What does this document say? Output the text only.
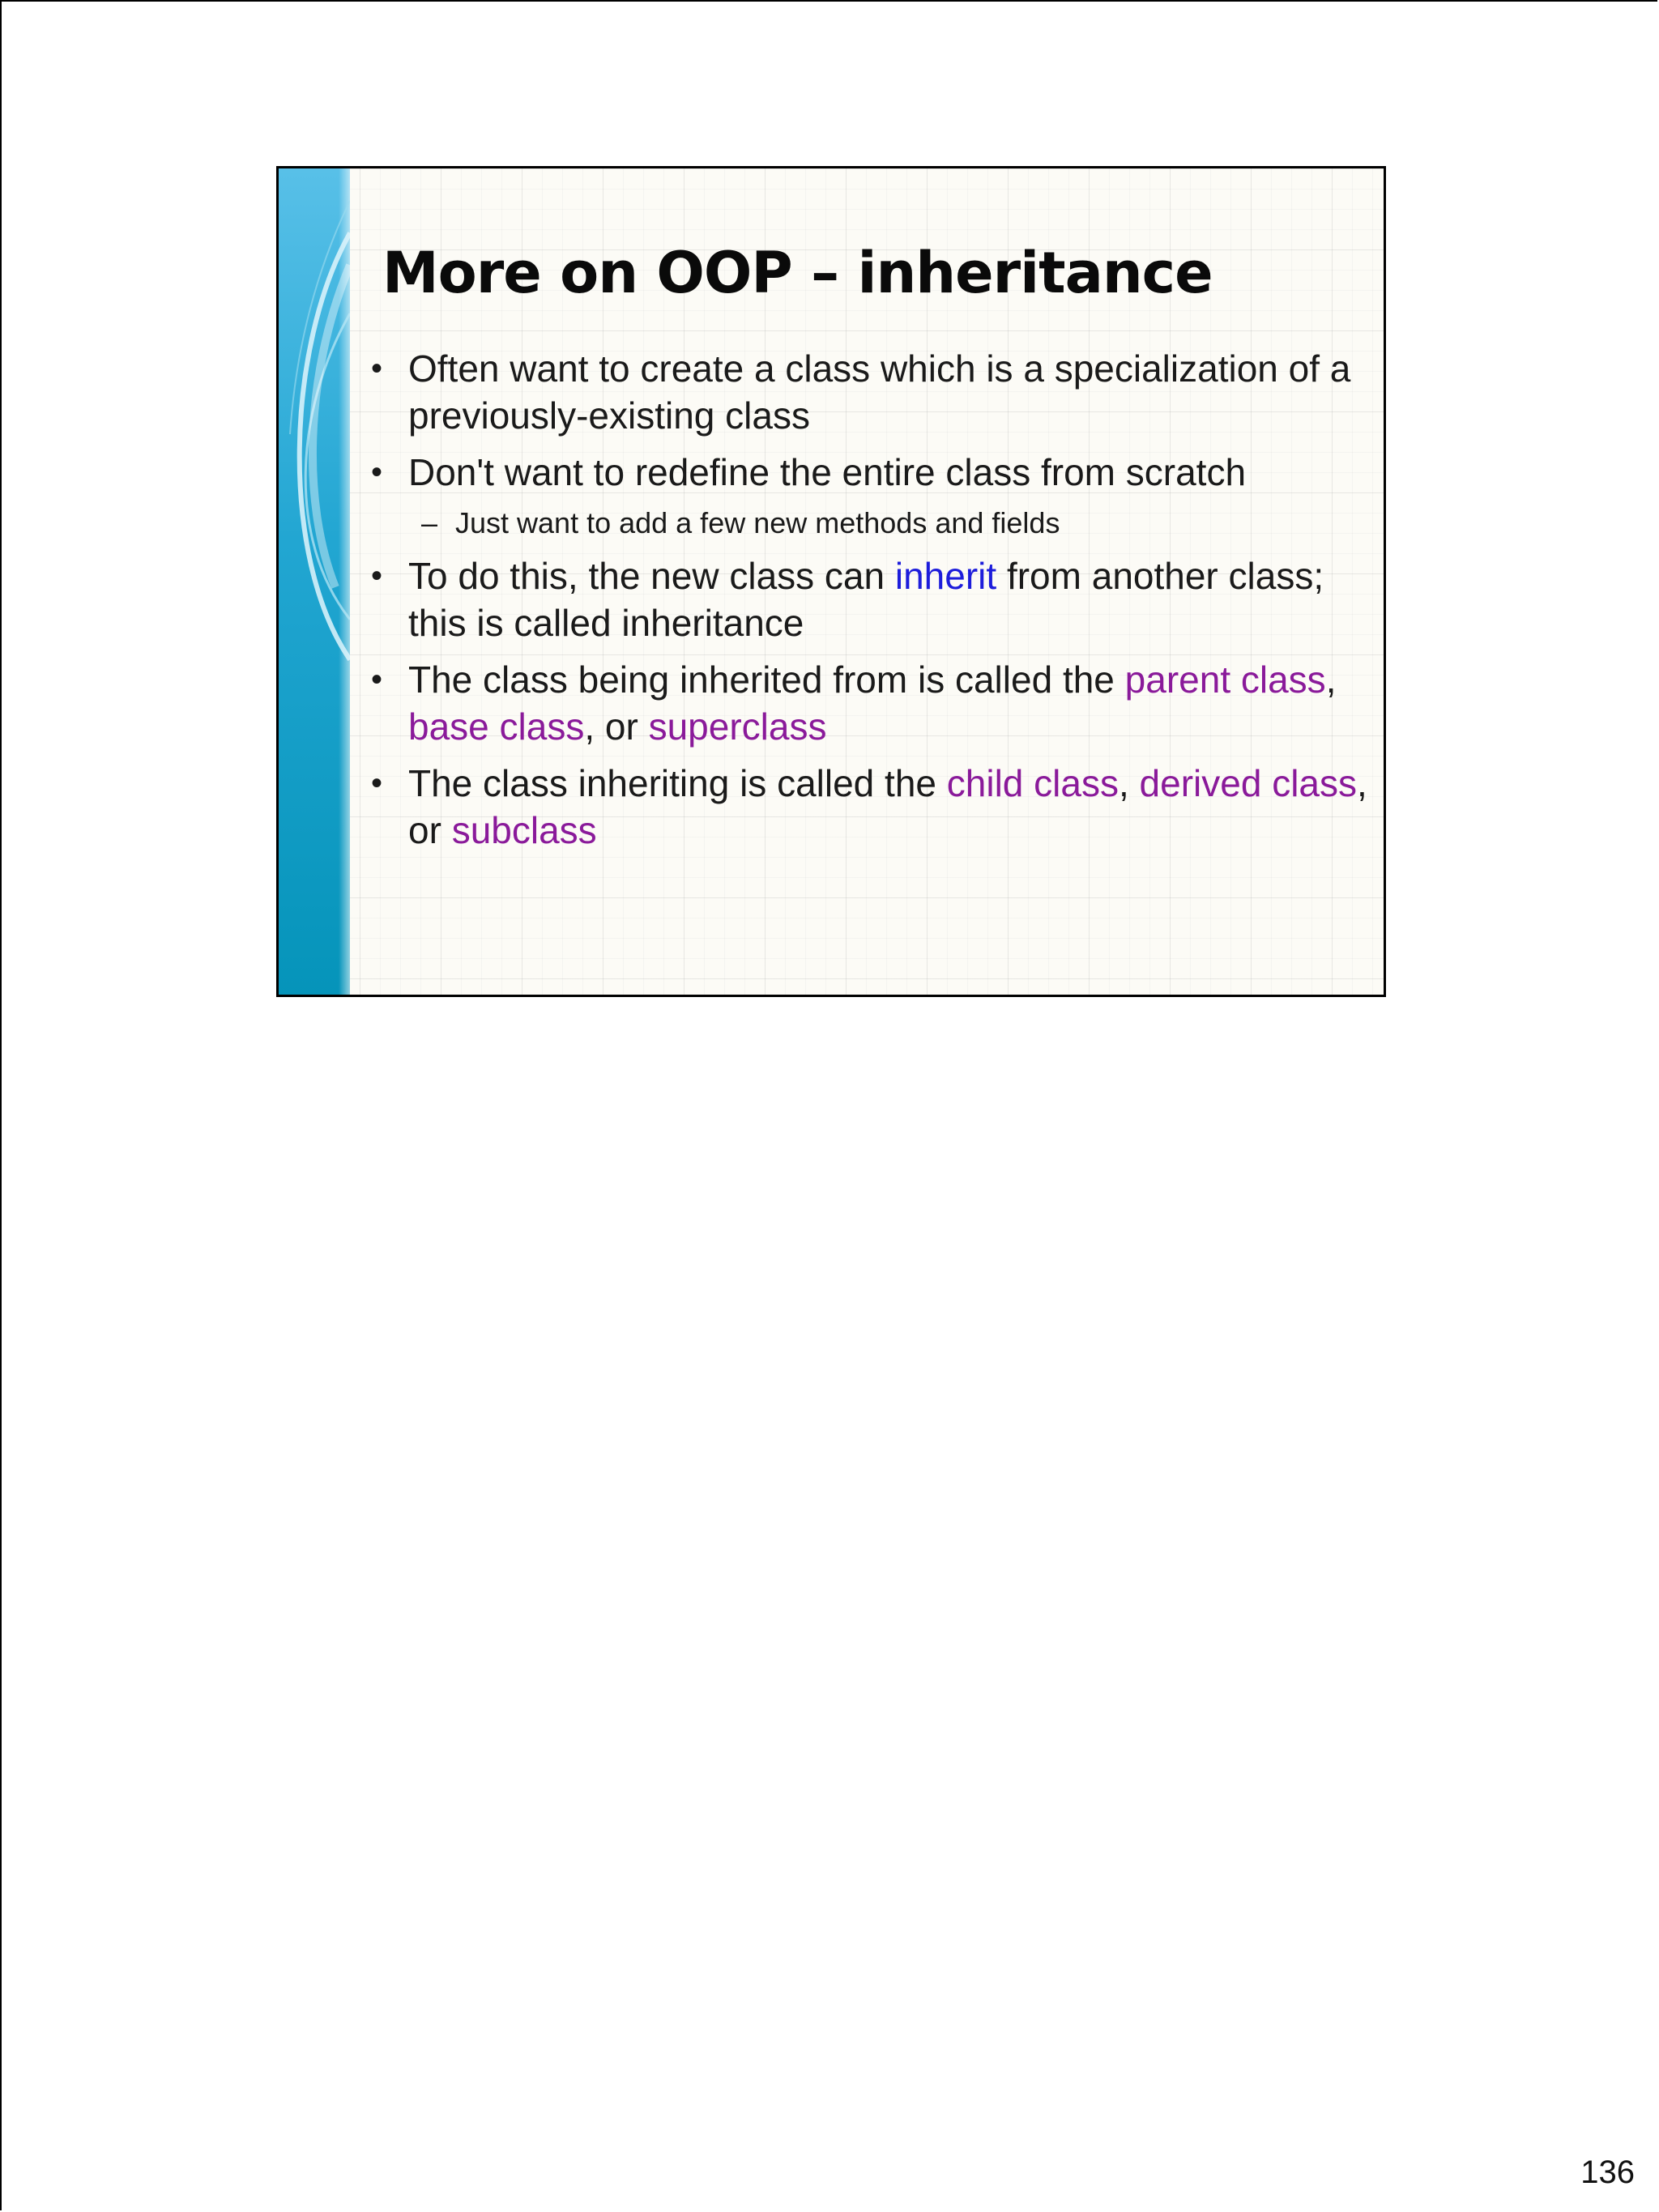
More on OOP – inheritance
• Often want to create a class which is a specialization of a previously-existing class
• Don't want to redefine the entire class from scratch
– Just want to add a few new methods and fields
• To do this, the new class can inherit from another class; this is called inheritance
• The class being inherited from is called the parent class, base class, or superclass
• The class inheriting is called the child class, derived class, or subclass
136
